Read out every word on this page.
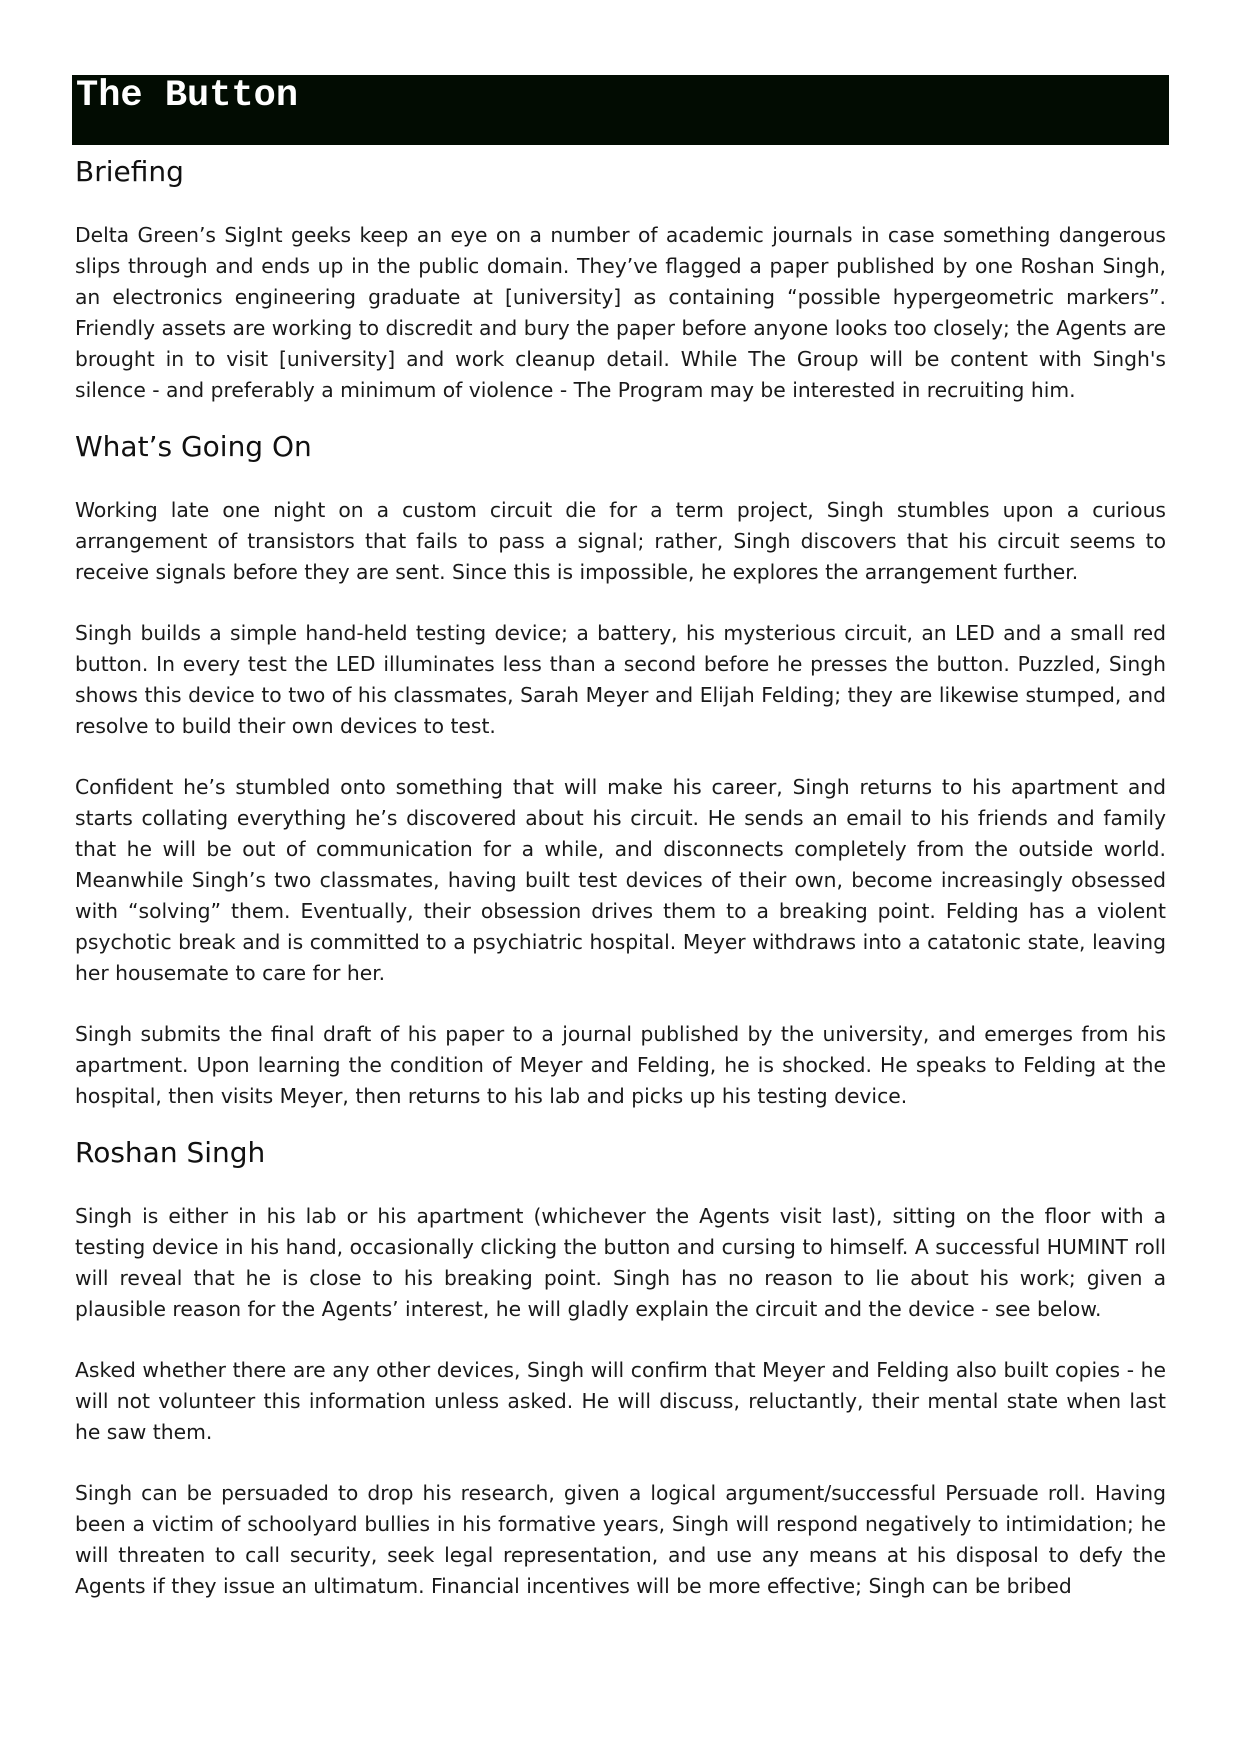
The Button
Briefing

Delta Green’s SigInt geeks keep an eye on a number of academic journals in case something dangerous slips through and ends up in the public domain. They’ve flagged a paper published by one Roshan Singh, an electronics engineering graduate at [university] as containing “possible hypergeometric markers”. Friendly assets are working to discredit and bury the paper before anyone looks too closely; the Agents are brought in to visit [university] and work cleanup detail. While The Group will be content with Singh's silence - and preferably a minimum of violence - The Program may be interested in recruiting him.

What’s Going On

Working late one night on a custom circuit die for a term project, Singh stumbles upon a curious arrangement of transistors that fails to pass a signal; rather, Singh discovers that his circuit seems to receive signals before they are sent. Since this is impossible, he explores the arrangement further.

Singh builds a simple hand-held testing device; a battery, his mysterious circuit, an LED and a small red button. In every test the LED illuminates less than a second before he presses the button. Puzzled, Singh shows this device to two of his classmates, Sarah Meyer and Elijah Felding; they are likewise stumped, and resolve to build their own devices to test.

Confident he’s stumbled onto something that will make his career, Singh returns to his apartment and starts collating everything he’s discovered about his circuit. He sends an email to his friends and family that he will be out of communication for a while, and disconnects completely from the outside world. Meanwhile Singh’s two classmates, having built test devices of their own, become increasingly obsessed with “solving” them. Eventually, their obsession drives them to a breaking point. Felding has a violent psychotic break and is committed to a psychiatric hospital. Meyer withdraws into a catatonic state, leaving her housemate to care for her.

Singh submits the final draft of his paper to a journal published by the university, and emerges from his apartment. Upon learning the condition of Meyer and Felding, he is shocked. He speaks to Felding at the hospital, then visits Meyer, then returns to his lab and picks up his testing device.

Roshan Singh

Singh is either in his lab or his apartment (whichever the Agents visit last), sitting on the floor with a testing device in his hand, occasionally clicking the button and cursing to himself. A successful HUMINT roll will reveal that he is close to his breaking point. Singh has no reason to lie about his work; given a plausible reason for the Agents’ interest, he will gladly explain the circuit and the device - see below.

Asked whether there are any other devices, Singh will confirm that Meyer and Felding also built copies - he will not volunteer this information unless asked. He will discuss, reluctantly, their mental state when last he saw them.

Singh can be persuaded to drop his research, given a logical argument/successful Persuade roll. Having been a victim of schoolyard bullies in his formative years, Singh will respond negatively to intimidation; he will threaten to call security, seek legal representation, and use any means at his disposal to defy the Agents if they issue an ultimatum. Financial incentives will be more effective; Singh can be bribed
